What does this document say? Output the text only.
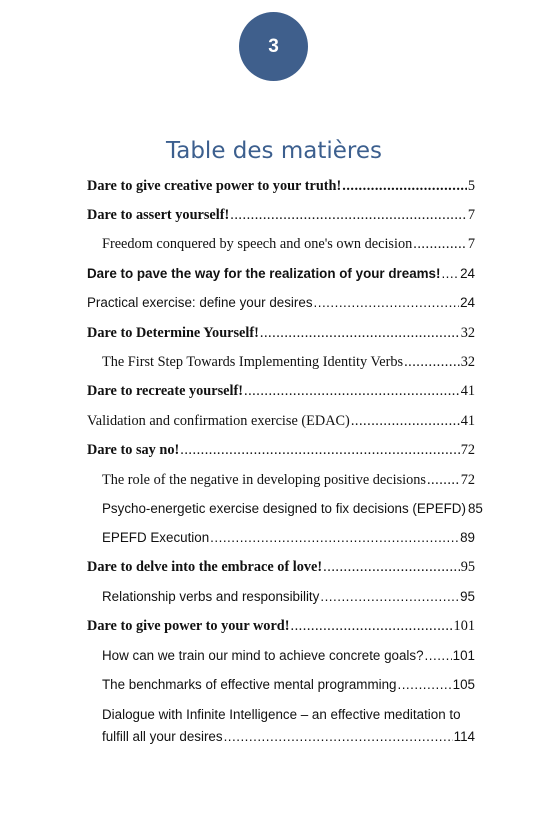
3
Table des matières
Dare to give creative power to your truth! .....	5
Dare to assert yourself! .....	7
Freedom conquered by speech and one's own decision .....	7
Dare to pave the way for the realization of your dreams! ..... 24
Practical exercise: define your desires .....	24
Dare to Determine Yourself! .....	32
The First Step Towards Implementing Identity Verbs .....	32
Dare to recreate yourself! .....	41
Validation and confirmation exercise (EDAC) .....	41
Dare to say no! .....	72
The role of the negative in developing positive decisions ..... 72
Psycho-energetic exercise designed to fix decisions (EPEFD) 85
EPEFD Execution .....	89
Dare to delve into the embrace of love! .....	95
Relationship verbs and responsibility .....	95
Dare to give power to your word! .....	101
How can we train our mind to achieve concrete goals? ..... 101
The benchmarks of effective mental programming .....	105
Dialogue with Infinite Intelligence – an effective meditation to
fulfill all your desires .....	114
